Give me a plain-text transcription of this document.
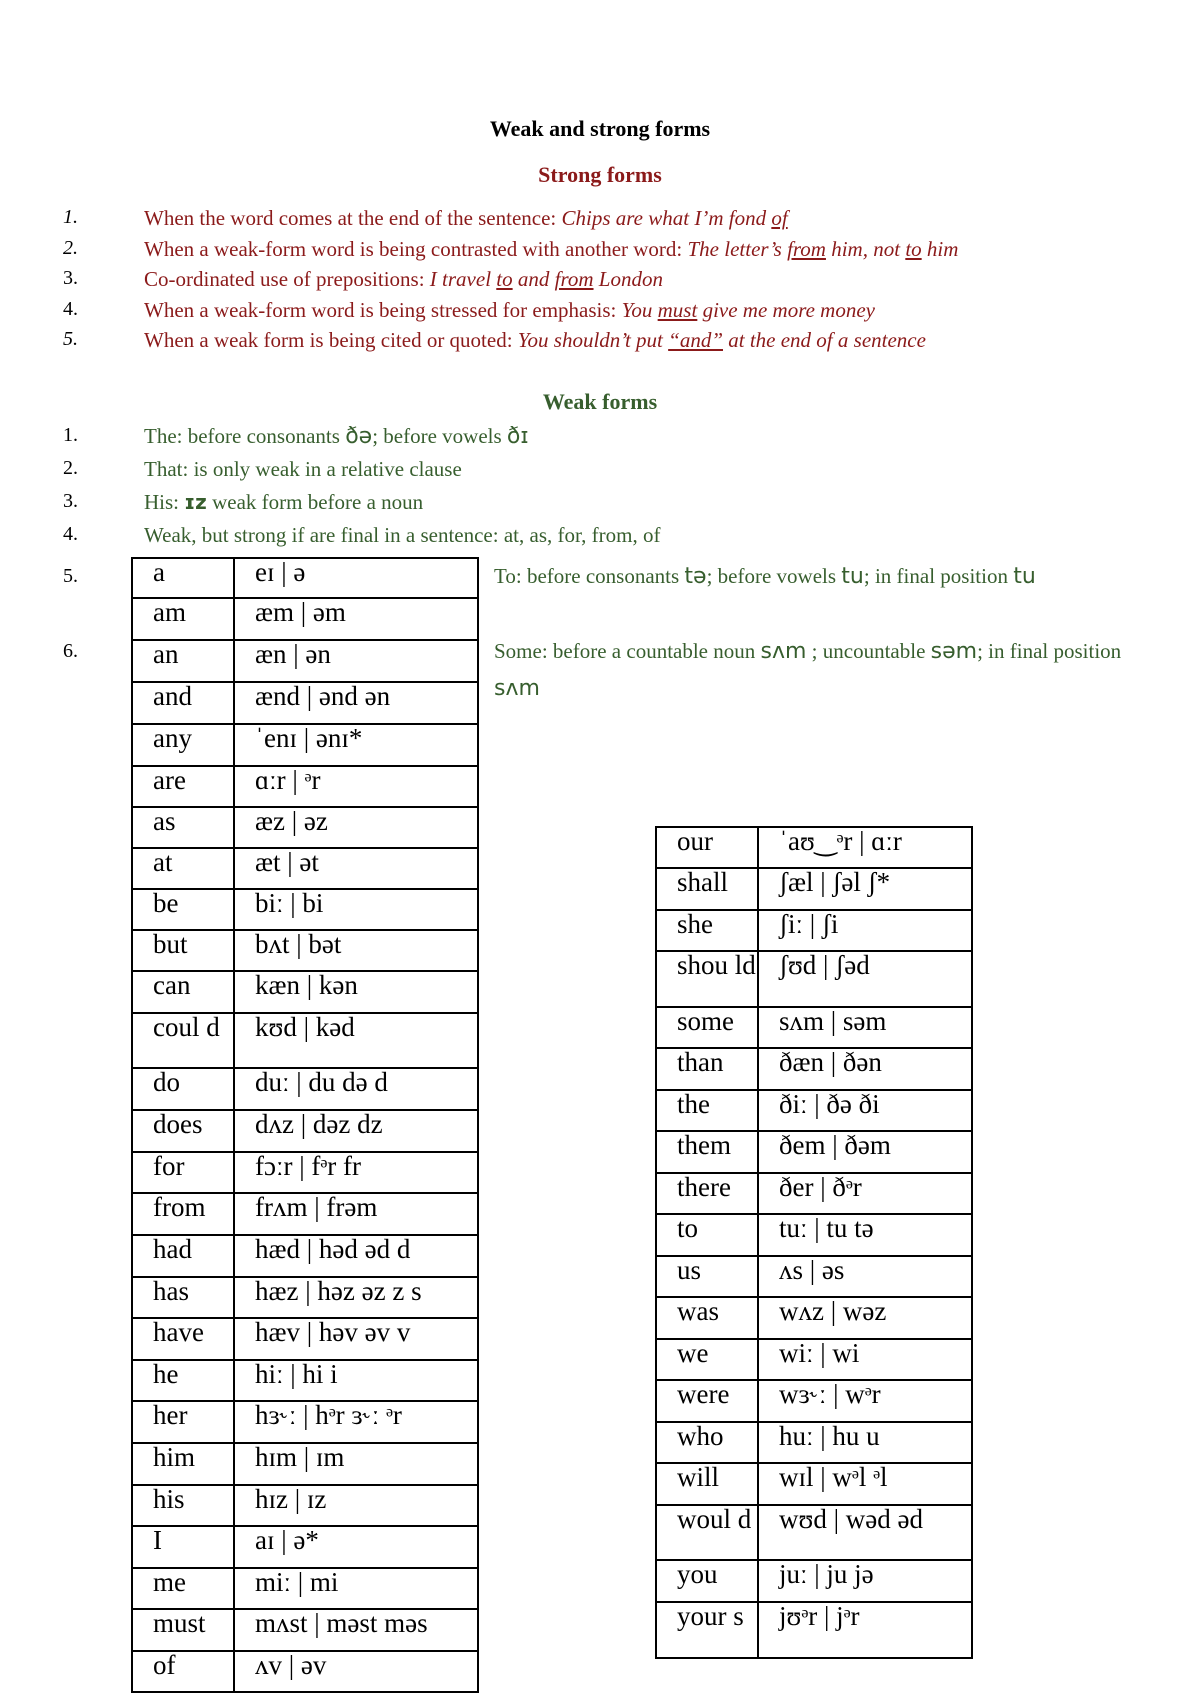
Weak and strong forms
Strong forms
1.	When the word comes at the end of the sentence: Chips are what I’m fond of
2.	When a weak-form word is being contrasted with another word: The letter’s from him, not to him
3.	Co-ordinated use of prepositions: I travel to and from London
4.	When a weak-form word is being stressed for emphasis: You must give me more money
5.	When a weak form is being cited or quoted: You shouldn’t put “and” at the end of a sentence
Weak forms
1.	The: before consonants ðə; before vowels ðɪ
2.	That: is only weak in a relative clause
3.	His: ɪz weak form before a noun
4.	Weak, but strong if are final in a sentence: at, as, for, from, of
5.
6.
a	eɪ | ə
am	æm | əm
an	æn | ən
and	ænd | ənd ən
any	ˈenɪ | ənɪ*
are	ɑːr | ᵊr
as	æz | əz
at	æt | ət
be	biː | bi
but	bʌt | bət
can	kæn | kən
coul d	kʊd | kəd
do	duː | du də d
does	dʌz | dəz dz
for	fɔːr | fᵊr fr
from	frʌm | frəm
had	hæd | həd əd d
has	hæz | həz əz z s
have	hæv | həv əv v
he	hiː | hi i
her	hɜ˞ː | hᵊr ɜ˞ː ᵊr
him	hɪm | ɪm
his	hɪz | ɪz
I	aɪ | ə*
me	miː | mi
must	mʌst | məst məs
of	ʌv | əv
To: before consonants tə; before vowels tu; in final position tu
Some: before a countable noun sʌm ; uncountable səm; in final position sʌm
our	ˈaʊ‿ᵊr | ɑːr
shall	ʃæl | ʃəl ʃ*
she	ʃiː | ʃi
shou ld	ʃʊd | ʃəd
some	sʌm | səm
than	ðæn | ðən
the	ðiː | ðə ði
them	ðem | ðəm
there	ðer | ðᵊr
to	tuː | tu tə
us	ʌs | əs
was	wʌz | wəz
we	wiː | wi
were	wɜ˞ː | wᵊr
who	huː | hu u
will	wɪl | wᵊl ᵊl
woul d	wʊd | wəd əd
you	juː | ju jə
your s	jʊᵊr | jᵊr
